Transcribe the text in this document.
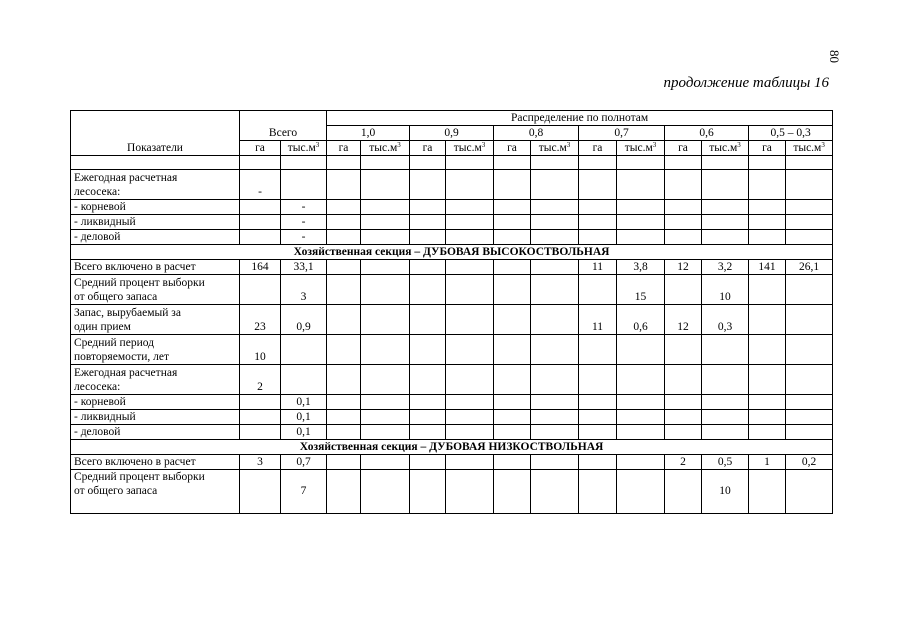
80
продолжение таблицы 16
Показатели	Всего		Распределение по полнотам											
			1,0		0,9		0,8		0,7		0,6		0,5 – 0,3	
	га	$тыс.м^3$	га	$тыс.м^3$	га	$тыс.м^3$	га	$тыс.м^3$	га	$тыс.м^3$	га	$тыс.м^3$	га	$тыс.м^3$

Ежегодная расчетная
лесосека:	-													

- корневой		-												

- ликвидный		-												

- деловой		-												
Хозяйственная секция – ДУБОВАЯ ВЫСОКОСТВОЛЬНАЯ														

Всего включено в расчет	164	33,1							11	3,8	12	3,2	141	26,1

Средний процент выборки
от общего запаса		3								15		10		

Запас, вырубаемый за
один прием	23	0,9							11	0,6	12	0,3		

Средний период
повторяемости, лет	10													

Ежегодная расчетная
лесосека:	2													

- корневой		0,1												

- ликвидный		0,1												

- деловой		0,1												
Хозяйственная секция – ДУБОВАЯ НИЗКОСТВОЛЬНАЯ														

Всего включено в расчет	3	0,7									2	0,5	1	0,2

Средний процент выборки
от общего запаса		7										10		
